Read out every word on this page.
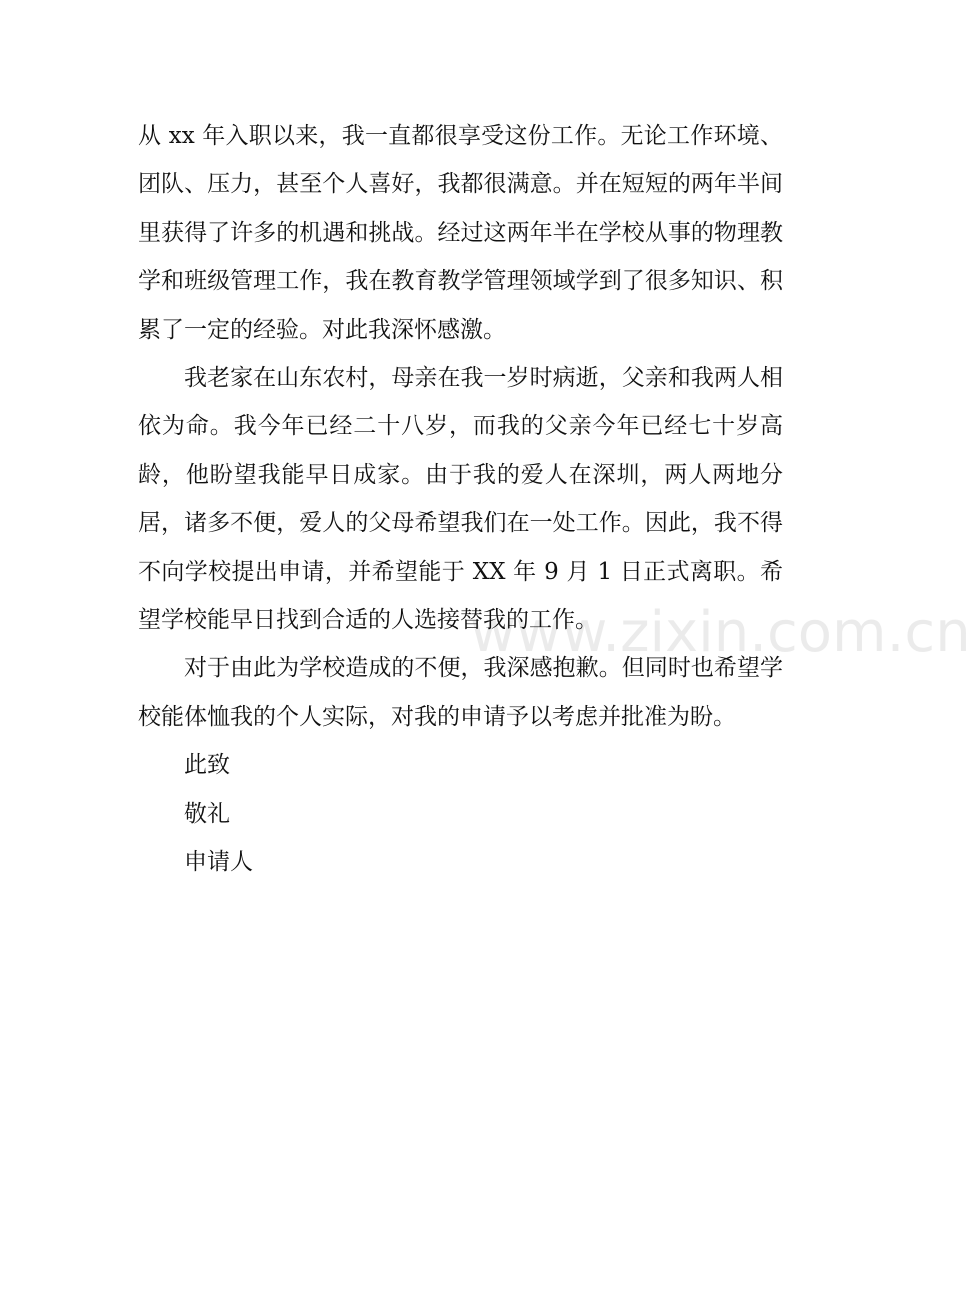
从 xx 年入职以来，我一直都很享受这份工作。无论工作环境、团队、压力，甚至个人喜好，我都很满意。并在短短的两年半间里获得了许多的机遇和挑战。经过这两年半在学校从事的物理教学和班级管理工作，我在教育教学管理领域学到了很多知识、积累了一定的经验。对此我深怀感激。

我老家在山东农村，母亲在我一岁时病逝，父亲和我两人相依为命。我今年已经二十八岁，而我的父亲今年已经七十岁高龄，他盼望我能早日成家。由于我的爱人在深圳，两人两地分居，诸多不便，爱人的父母希望我们在一处工作。因此，我不得不向学校提出申请，并希望能于 XX 年 9 月 1 日正式离职。希望学校能早日找到合适的人选接替我的工作。

对于由此为学校造成的不便，我深感抱歉。但同时也希望学校能体恤我的个人实际，对我的申请予以考虑并批准为盼。

此致

敬礼

申请人

www.zixin.com.cn
